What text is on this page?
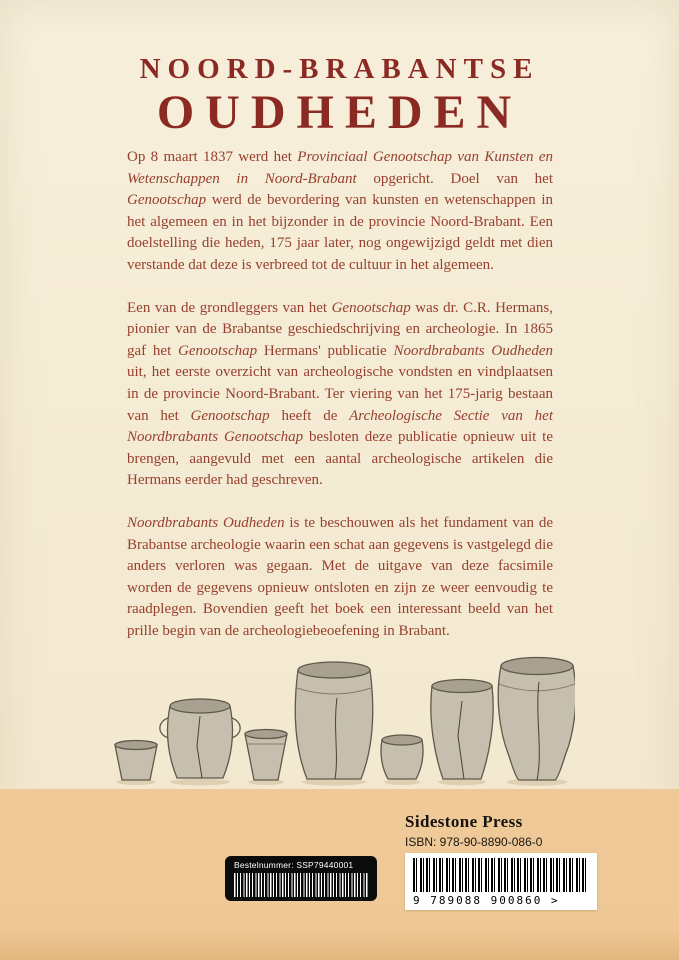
NOORD-BRABANTSE
OUDHEDEN

Op 8 maart 1837 werd het Provinciaal Genootschap van Kunsten en Wetenschappen in Noord-Brabant opgericht. Doel van het Genootschap werd de bevordering van kunsten en wetenschappen in het algemeen en in het bijzonder in de provincie Noord-Brabant. Een doelstelling die heden, 175 jaar later, nog ongewijzigd geldt met dien verstande dat deze is verbreed tot de cultuur in het algemeen.

Een van de grondleggers van het Genootschap was dr. C.R. Hermans, pionier van de Brabantse geschiedschrijving en archeologie. In 1865 gaf het Genootschap Hermans' publicatie Noordbrabants Oudheden uit, het eerste overzicht van archeologische vondsten en vindplaatsen in de provincie Noord-Brabant. Ter viering van het 175-jarig bestaan van het Genootschap heeft de Archeologische Sectie van het Noordbrabants Genootschap besloten deze publicatie opnieuw uit te brengen, aangevuld met een aantal archeologische artikelen die Hermans eerder had geschreven.

Noordbrabants Oudheden is te beschouwen als het fundament van de Brabantse archeologie waarin een schat aan gegevens is vastgelegd die anders verloren was gegaan. Met de uitgave van deze facsimile worden de gegevens opnieuw ontsloten en zijn ze weer eenvoudig te raadplegen. Bovendien geeft het boek een interessant beeld van het prille begin van de archeologiebeoefening in Brabant.

Sidestone Press
ISBN: 978-90-8890-086-0
9 789088 900860 >
Bestelnummer: SSP79440001
